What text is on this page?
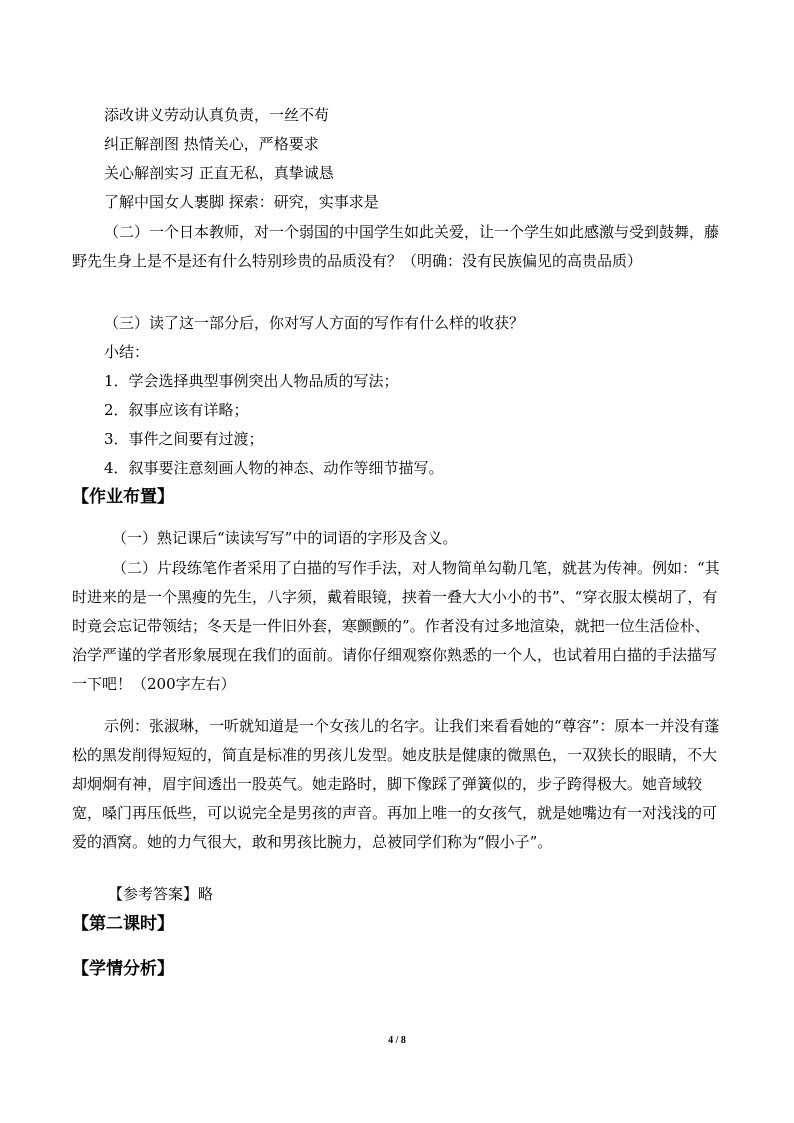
添改讲义劳动认真负责，一丝不苟
纠正解剖图 热情关心，严格要求
关心解剖实习 正直无私，真挚诚恳
了解中国女人裹脚 探索：研究，实事求是
（二）一个日本教师，对一个弱国的中国学生如此关爱，让一个学生如此感激与受到鼓舞，藤野先生身上是不是还有什么特别珍贵的品质没有？（明确：没有民族偏见的高贵品质）
（三）读了这一部分后，你对写人方面的写作有什么样的收获？
小结：
1．学会选择典型事例突出人物品质的写法；
2．叙事应该有详略；
3．事件之间要有过渡；
4．叙事要注意刻画人物的神态、动作等细节描写。
【作业布置】
（一）熟记课后“读读写写”中的词语的字形及含义。
（二）片段练笔作者采用了白描的写作手法，对人物简单勾勒几笔，就甚为传神。例如：“其时进来的是一个黑瘦的先生，八字须，戴着眼镜，挟着一叠大大小小的书”、“穿衣服太模胡了，有时竟会忘记带领结；冬天是一件旧外套，寒颤颤的”。作者没有过多地渲染，就把一位生活俭朴、治学严谨的学者形象展现在我们的面前。请你仔细观察你熟悉的一个人，也试着用白描的手法描写一下吧！（200字左右）
示例：张淑琳，一听就知道是一个女孩儿的名字。让我们来看看她的“尊容”：原本一并没有蓬松的黑发削得短短的，简直是标准的男孩儿发型。她皮肤是健康的微黑色，一双狭长的眼睛，不大却炯炯有神，眉宇间透出一股英气。她走路时，脚下像踩了弹簧似的，步子跨得极大。她音域较宽，嗓门再压低些，可以说完全是男孩的声音。再加上唯一的女孩气，就是她嘴边有一对浅浅的可爱的酒窝。她的力气很大，敢和男孩比腕力，总被同学们称为“假小子”。
【参考答案】略
【第二课时】
【学情分析】
4 / 8
